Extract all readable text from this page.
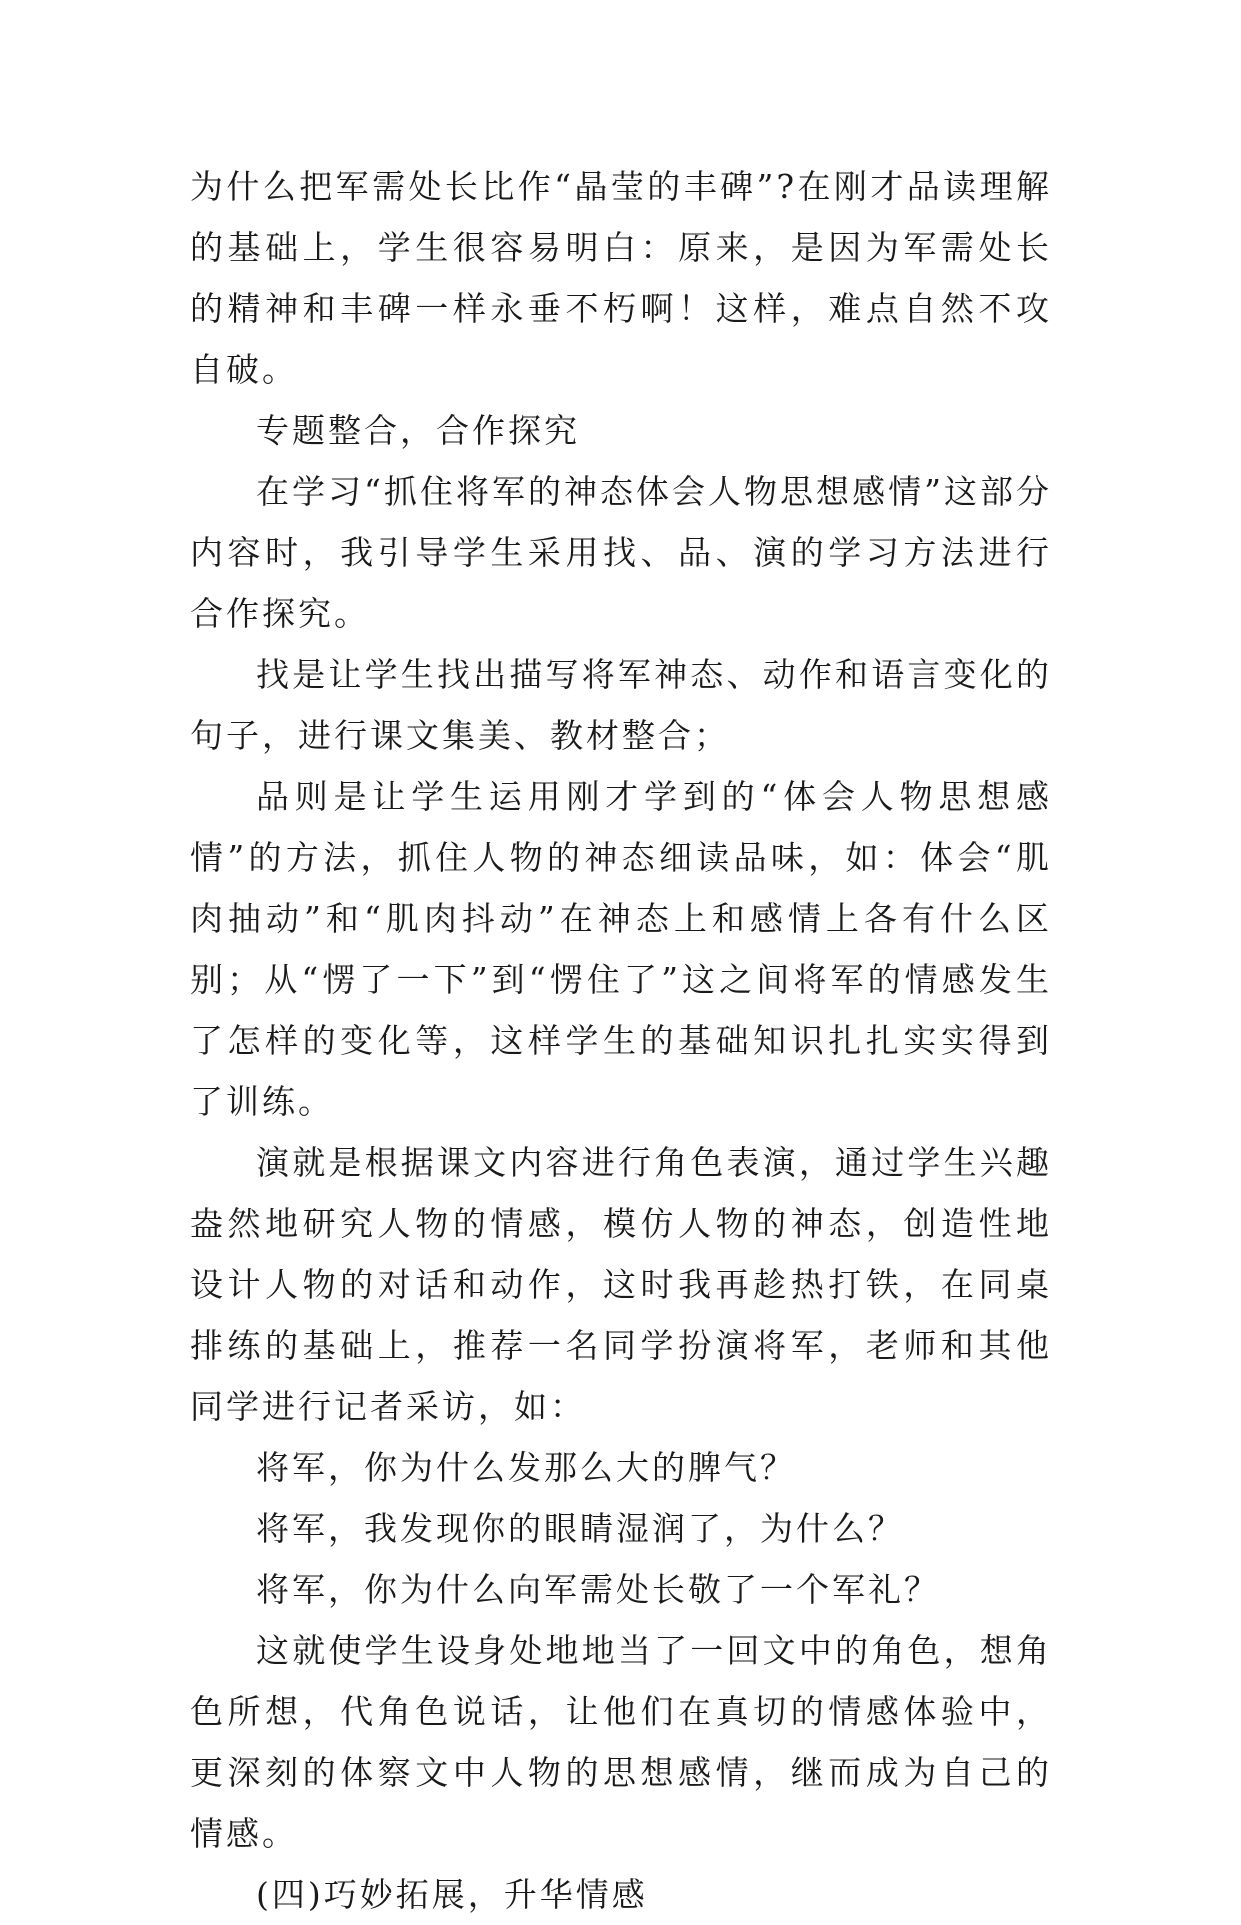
为什么把军需处长比作“晶莹的丰碑”?在刚才品读理解的基础上，学生很容易明白：原来，是因为军需处长的精神和丰碑一样永垂不朽啊！这样，难点自然不攻自破。

专题整合，合作探究

在学习“抓住将军的神态体会人物思想感情”这部分内容时，我引导学生采用找、品、演的学习方法进行合作探究。

找是让学生找出描写将军神态、动作和语言变化的句子，进行课文集美、教材整合；

品则是让学生运用刚才学到的“体会人物思想感情”的方法，抓住人物的神态细读品味，如：体会“肌肉抽动”和“肌肉抖动”在神态上和感情上各有什么区别；从“愣了一下”到“愣住了”这之间将军的情感发生了怎样的变化等，这样学生的基础知识扎扎实实得到了训练。

演就是根据课文内容进行角色表演，通过学生兴趣盎然地研究人物的情感，模仿人物的神态，创造性地设计人物的对话和动作，这时我再趁热打铁，在同桌排练的基础上，推荐一名同学扮演将军，老师和其他同学进行记者采访，如：

将军，你为什么发那么大的脾气？

将军，我发现你的眼睛湿润了，为什么？

将军，你为什么向军需处长敬了一个军礼？

这就使学生设身处地地当了一回文中的角色，想角色所想，代角色说话，让他们在真切的情感体验中，更深刻的体察文中人物的思想感情，继而成为自己的情感。

(四)巧妙拓展，升华情感
